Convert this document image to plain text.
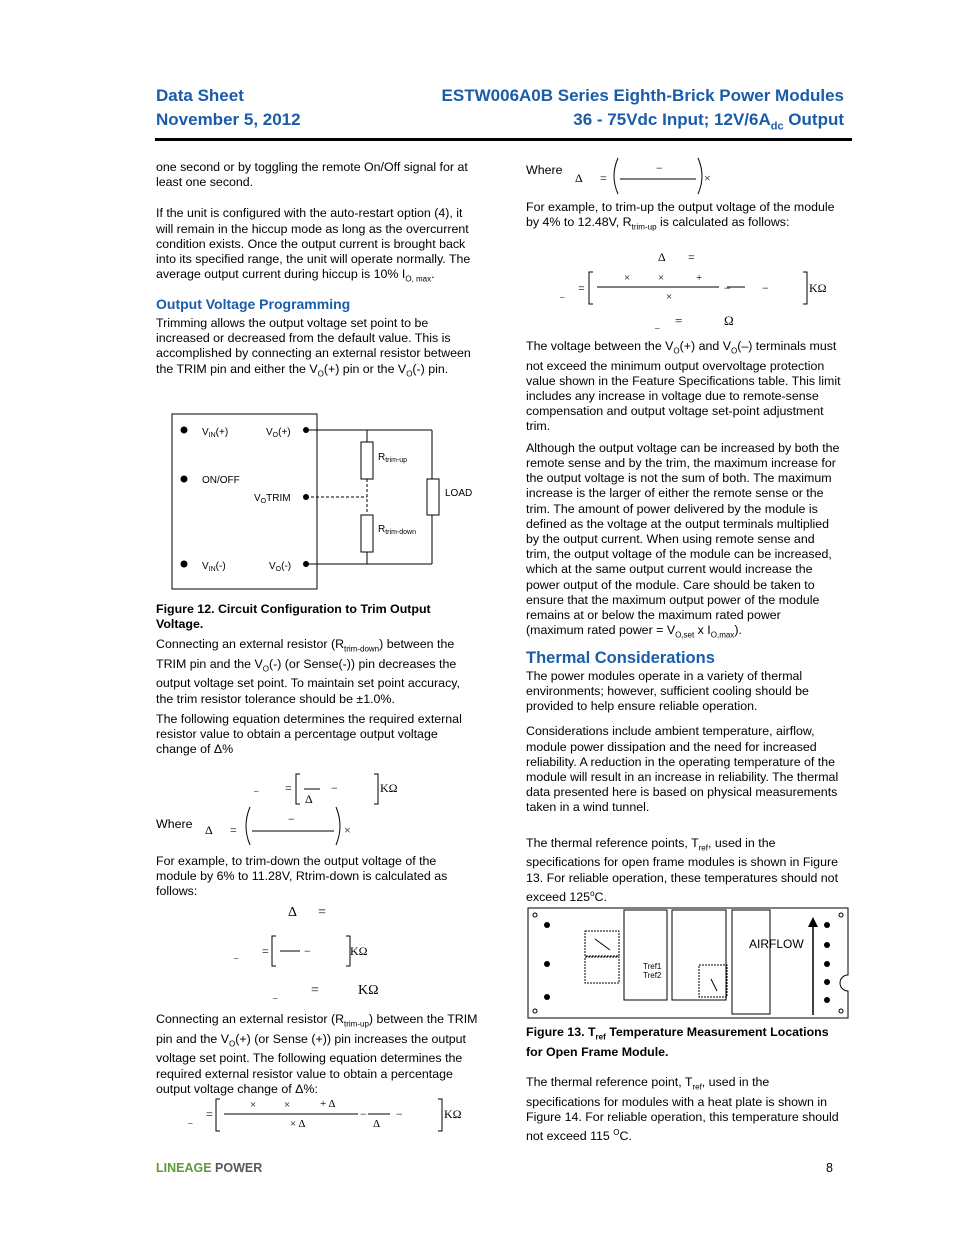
Data Sheet
November 5, 2012
ESTW006A0B Series Eighth-Brick Power Modules
36 - 75Vdc Input; $12V/6A_{dc}$ Output

one second or by toggling the remote On/Off signal for at least one second.

If the unit is configured with the auto-restart option (4), it will remain in the hiccup mode as long as the overcurrent condition exists. Once the output current is brought back into its specified range, the unit will operate normally. The average output current during hiccup is 10% $I_{O, max}$.

Output Voltage Programming

Trimming allows the output voltage set point to be increased or decreased from the default value. This is accomplished by connecting an external resistor between the TRIM pin and either the $V_O(+)$ pin or the $V_O(-)$ pin.

$V_{IN}(+)$
ON/OFF
$V_{IN}(-)$
$V_O(+)$
$V_OTRIM$
$V_O(-)$
$R_{trim-up}$
$R_{trim-down}$
LOAD
Figure 12. Circuit Configuration to Trim Output Voltage.

Connecting an external resistor $(R_{trim-down})$ between the TRIM pin and the $V_O(-)$ (or Sense(-)) pin decreases the output voltage set point. To maintain set point accuracy, the trim resistor tolerance should be ±1.0%.

The following equation determines the required external resistor value to obtain a percentage output voltage change of Δ%

_ =	−
Δ
KΩ
Where Δ =
−
×
For example, to trim-down the output voltage of the module by 6% to 11.28V, Rtrim-down is calculated as follows:
Δ =
_ =	−	KΩ
_ =	KΩ
Connecting an external resistor $(R_{trim-up})$ between the TRIM pin and the $V_O(+)$ (or Sense (+)) pin increases the output voltage set point. The following equation determines the required external resistor value to obtain a percentage output voltage change of Δ%:
_ =
×	×	+ Δ
× Δ
−
Δ
−	KΩ
Where
Δ =
−
×
For example, to trim-up the output voltage of the module by 4% to 12.48V, $R_{trim-up}$ is calculated as follows:
Δ =
_ =
×	×	+
×
−	−	KΩ
_ =	Ω

The voltage between the $V_O(+)$ and $V_O(-)$ terminals must not exceed the minimum output overvoltage protection value shown in the Feature Specifications table. This limit includes any increase in voltage due to remote-sense compensation and output voltage set-point adjustment trim.

Although the output voltage can be increased by both the remote sense and by the trim, the maximum increase for the output voltage is not the sum of both. The maximum increase is the larger of either the remote sense or the trim. The amount of power delivered by the module is defined as the voltage at the output terminals multiplied by the output current. When using remote sense and trim, the output voltage of the module can be increased, which at the same output current would increase the power output of the module. Care should be taken to ensure that the maximum output power of the module remains at or below the maximum rated power (maximum rated power = $V_{O,set}$ x $I_{O,max}$).

Thermal Considerations

The power modules operate in a variety of thermal environments; however, sufficient cooling should be provided to help ensure reliable operation.

Considerations include ambient temperature, airflow, module power dissipation and the need for increased reliability. A reduction in the operating temperature of the module will result in an increase in reliability. The thermal data presented here is based on physical measurements taken in a wind tunnel.

The thermal reference points, $T_{ref}$, used in the specifications for open frame modules is shown in Figure 13. For reliable operation, these temperatures should not exceed 125$^o$C.

Tref1
Tref2
AIRFLOW
Figure 13. $T_{ref}$ Temperature Measurement Locations for Open Frame Module.
The thermal reference point, $T_{ref}$, used in the specifications for modules with a heat plate is shown in Figure 14. For reliable operation, this temperature should not exceed 115 $^O$C.
LINEAGE POWER	8
